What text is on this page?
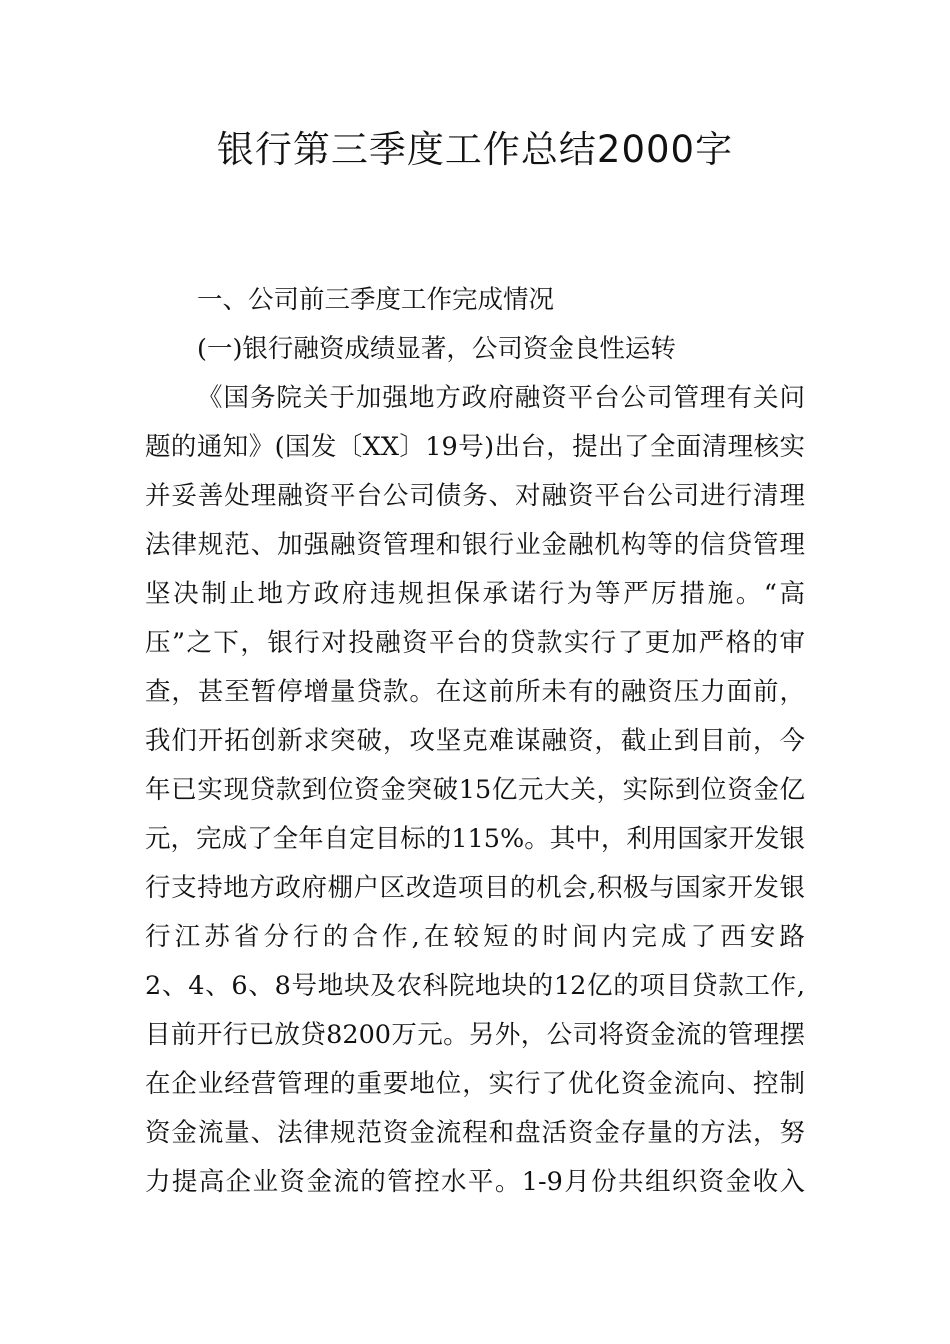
银行第三季度工作总结2000字
一、公司前三季度工作完成情况
(一)银行融资成绩显著，公司资金良性运转
《国务院关于加强地方政府融资平台公司管理有关问
题的通知》(国发〔XX〕19号)出台，提出了全面清理核实
并妥善处理融资平台公司债务、对融资平台公司进行清理
法律规范、加强融资管理和银行业金融机构等的信贷管理
坚决制止地方政府违规担保承诺行为等严厉措施。“高
压”之下，银行对投融资平台的贷款实行了更加严格的审
查，甚至暂停增量贷款。在这前所未有的融资压力面前，
我们开拓创新求突破，攻坚克难谋融资，截止到目前，今
年已实现贷款到位资金突破15亿元大关，实际到位资金亿
元，完成了全年自定目标的115%。其中，利用国家开发银
行支持地方政府棚户区改造项目的机会,积极与国家开发银
行江苏省分行的合作,在较短的时间内完成了西安路
2、4、6、8号地块及农科院地块的12亿的项目贷款工作,
目前开行已放贷8200万元。另外，公司将资金流的管理摆
在企业经营管理的重要地位，实行了优化资金流向、控制
资金流量、法律规范资金流程和盘活资金存量的方法，努
力提高企业资金流的管控水平。1-9月份共组织资金收入
